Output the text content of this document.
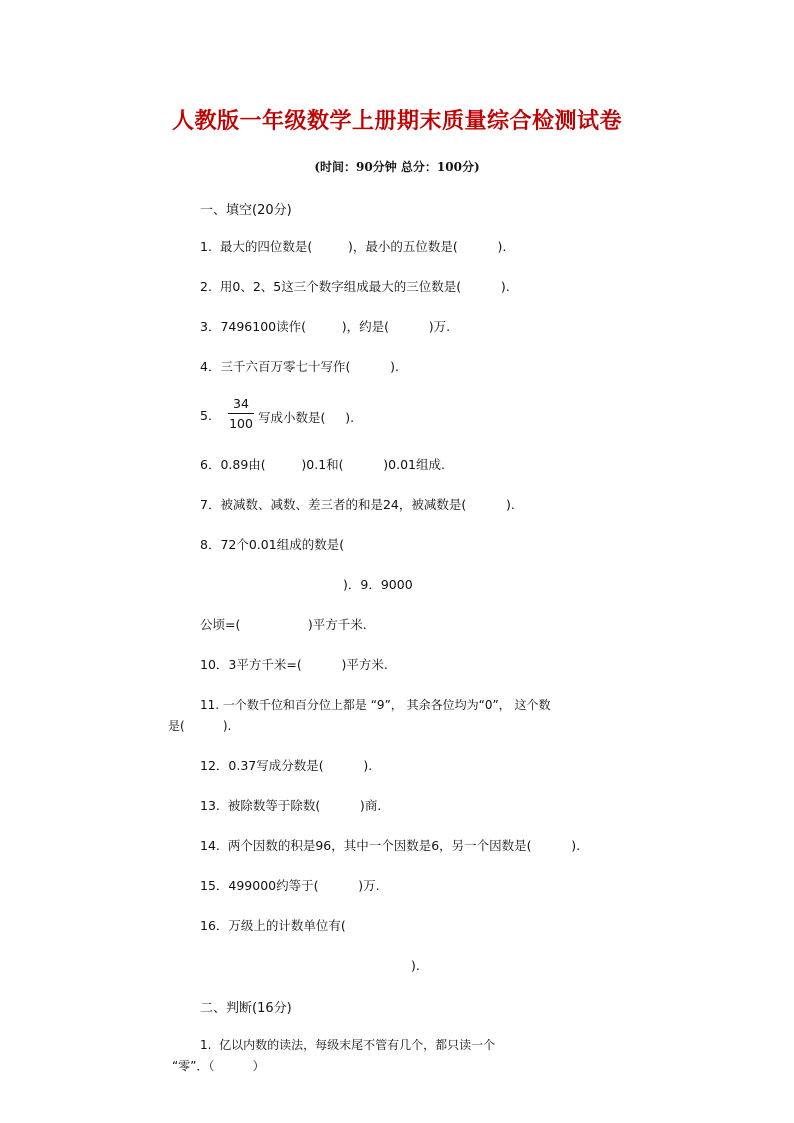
人教版一年级数学上册期末质量综合检测试卷
(时间：90分钟 总分：100分)
一、填空(20分)
1.  最大的四位数是(         )，最小的五位数是(          ).
2.  用0、2、5这三个数字组成最大的三位数是(          ).
3．7496100读作(         )，约是(          )万.
4．三千六百万零七十写作(          ).
5.
34
100 写成小数是(     ).
6．0.89由(         )0.1和(          )0.01组成.
7．被减数、减数、差三者的和是24，被减数是(          ).
8．72个0.01组成的数是(
)．9．9000
公顷=(                 )平方千米.
10．3平方千米=(          )平方米.
11. 一个数千位和百分位上都是 “9”， 其余各位均为“0”， 这个数
是(          ).
12．0.37写成分数是(          ).
13.  被除数等于除数(          )商.
14.  两个因数的积是96，其中一个因数是6，另一个因数是(          ).
15．499000约等于(          )万.
16．万级上的计数单位有(
).
二、判断(16分)
1.  亿以内数的读法，每级末尾不管有几个，都只读一个
“零”．（          ）
